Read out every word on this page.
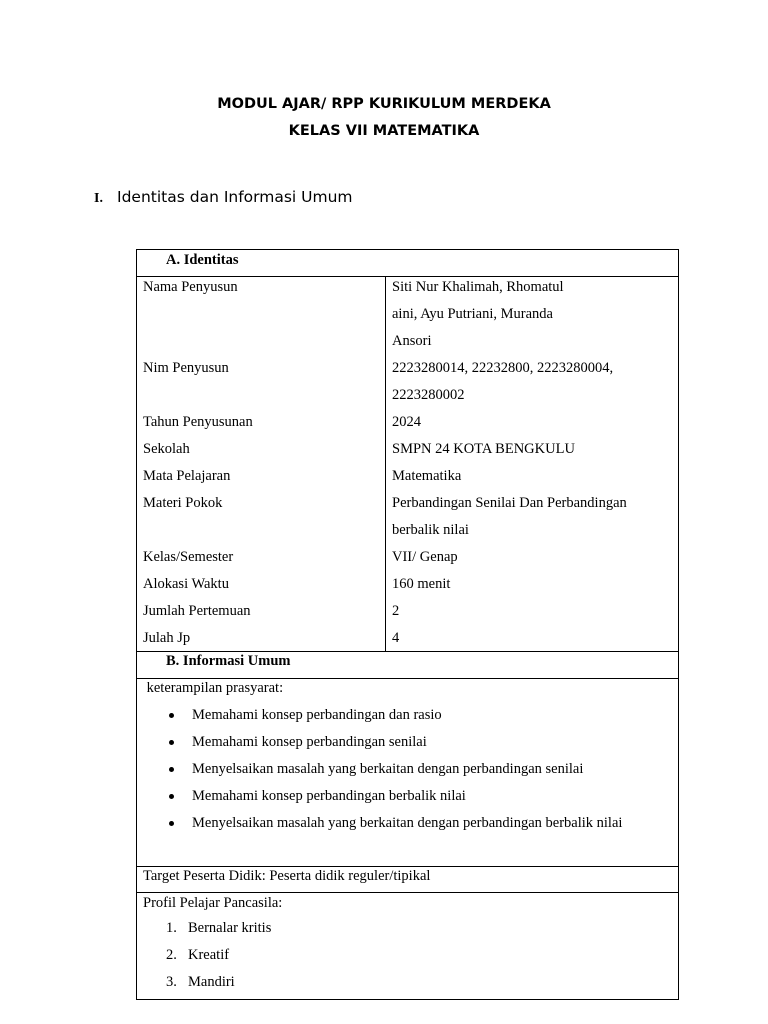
MODUL AJAR/ RPP KURIKULUM MERDEKA
KELAS VII MATEMATIKA
I. Identitas dan Informasi Umum
A. Identitas
Nama Penyusun	Siti Nur Khalimah, Rhomatul
aini, Ayu Putriani, Muranda
Ansori
Nim Penyusun	2223280014, 22232800, 2223280004,
2223280002
Tahun Penyusunan	2024
Sekolah	SMPN 24 KOTA BENGKULU
Mata Pelajaran	Matematika
Materi Pokok	Perbandingan Senilai Dan Perbandingan
berbalik nilai
Kelas/Semester	VII/ Genap
Alokasi Waktu	160 menit
Jumlah Pertemuan	2
Julah Jp	4
B. Informasi Umum
keterampilan prasyarat:
Memahami konsep perbandingan dan rasio
Memahami konsep perbandingan senilai
Menyelsaikan masalah yang berkaitan dengan perbandingan senilai
Memahami konsep perbandingan berbalik nilai
Menyelsaikan masalah yang berkaitan dengan perbandingan berbalik nilai
Target Peserta Didik: Peserta didik reguler/tipikal
Profil Pelajar Pancasila:
1. Bernalar kritis
2. Kreatif
3. Mandiri
